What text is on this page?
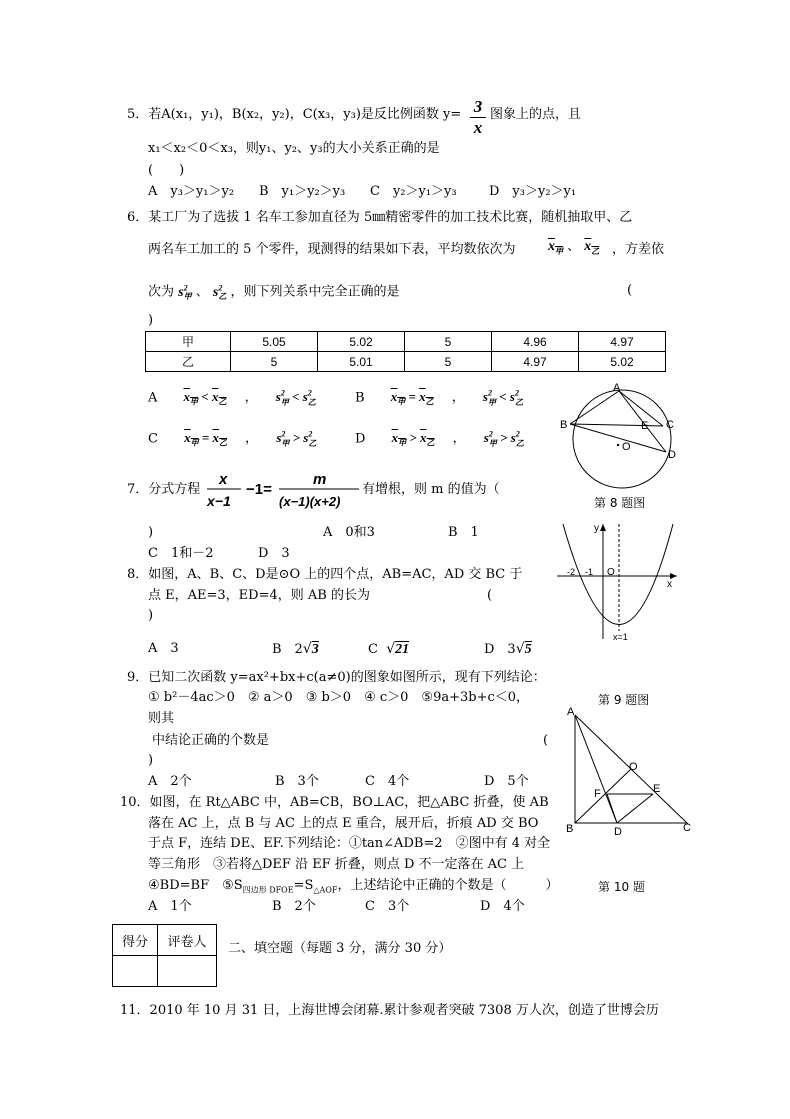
5．若A(x₁，y₁)，B(x₂，y₂)，C(x₃，y₃)是反比例函数 y= 3
x
图象上的点，且
x₁＜x₂＜0＜x₃，则y₁、y₂、y₃的大小关系正确的是
(　　)
A　y₃＞y₁＞y₂ B　y₁＞y₂＞y₃ C　y₂＞y₁＞y₃ D　y₃＞y₂＞y₁
6．某工厂为了选拔 1 名车工参加直径为 5㎜精密零件的加工技术比赛，随机抽取甲、乙
两名车工加工的 5 个零件，现测得的结果如下表，平均数依次为 $x_甲$ 、 $x_乙$ ，方差依
次为 $s^2_甲$ 、 $s^2_乙$ ，则下列关系中完全正确的是	(
)
甲	5.05	5.02	5	4.96	4.97
乙	5	5.01	5	4.97	5.02
A $x_甲 < x_乙$ ， $s^2_甲 < s^2_乙$	B $x_甲 = x_乙$ ， $s^2_甲 < s^2_乙$
C $x_甲 = x_乙$ ， $s^2_甲 > s^2_乙$	D $x_甲 > x_乙$ ， $s^2_甲 > s^2_乙$
7．分式方程
x
x−1
−1=
m
(x−1)(x+2)
有增根，则 m 的值为（
)	A　0和3	B　1
C　1和－2	D　3
8．如图，A、B、C、D是⊙O 上的四个点，AB=AC，AD 交 BC 于
点 E，AE=3，ED=4，则 AB 的长为	(
)
A　3	B　2√3	C √21	D　3√5
9．已知二次函数 y=ax²+bx+c(a≠0)的图象如图所示，现有下列结论：
① b²－4ac＞0　② a＞0　③ b＞0　④ c＞0　⑤9a+3b+c＜0，
则其
中结论正确的个数是	(
)
A　2个	B　3个	C　4个	D　5个
10．如图，在 Rt△ABC 中，AB=CB，BO⊥AC，把△ABC 折叠，使 AB
落在 AC 上，点 B 与 AC 上的点 E 重合，展开后，折痕 AD 交 BO
于点 F，连结 DE、EF.下列结论：①tan∠ADB=2　②图中有 4 对全
等三角形　③若将△DEF 沿 EF 折叠，则点 D 不一定落在 AC 上
④BD=BF　$⑤S_{四边形 DFOE}=S_{\triangle AOF}$，上述结论中正确的个数是（　　　）
A　1个	B　2个	C　3个	D　4个
得分	评卷人
	二、填空题（每题 3 分，满分 30 分）
11．2010 年 10 月 31 日，上海世博会闭幕.累计参观者突破 7308 万人次，创造了世博会历
A
B	C
E
O
D
第 8 题图
y
x
O
-2 -1
x=1
第 9 题图
A
O
F	E
B	D	C
第 10 题
